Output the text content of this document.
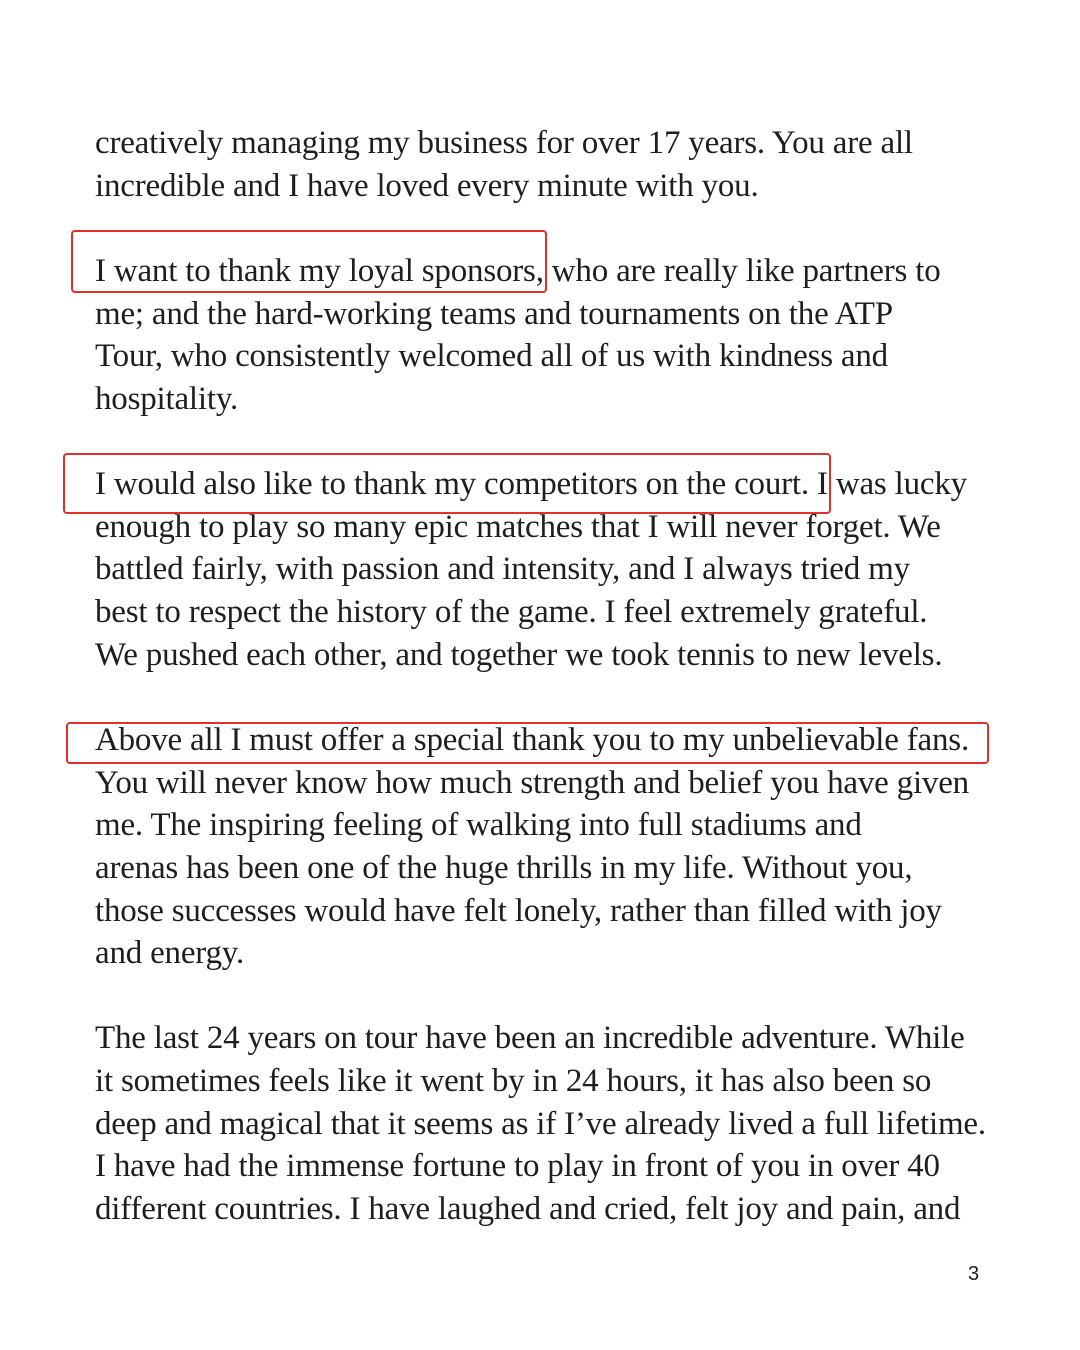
creatively managing my business for over 17 years. You are all

incredible and I have loved every minute with you.

I want to thank my loyal sponsors, who are really like partners to

me; and the hard-working teams and tournaments on the ATP

Tour, who consistently welcomed all of us with kindness and

hospitality.

I would also like to thank my competitors on the court. I was lucky

enough to play so many epic matches that I will never forget. We

battled fairly, with passion and intensity, and I always tried my

best to respect the history of the game. I feel extremely grateful.

We pushed each other, and together we took tennis to new levels.

Above all I must offer a special thank you to my unbelievable fans.

You will never know how much strength and belief you have given

me. The inspiring feeling of walking into full stadiums and

arenas has been one of the huge thrills in my life. Without you,

those successes would have felt lonely, rather than filled with joy

and energy.

The last 24 years on tour have been an incredible adventure. While

it sometimes feels like it went by in 24 hours, it has also been so

deep and magical that it seems as if I’ve already lived a full lifetime.

I have had the immense fortune to play in front of you in over 40

different countries. I have laughed and cried, felt joy and pain, and

3
